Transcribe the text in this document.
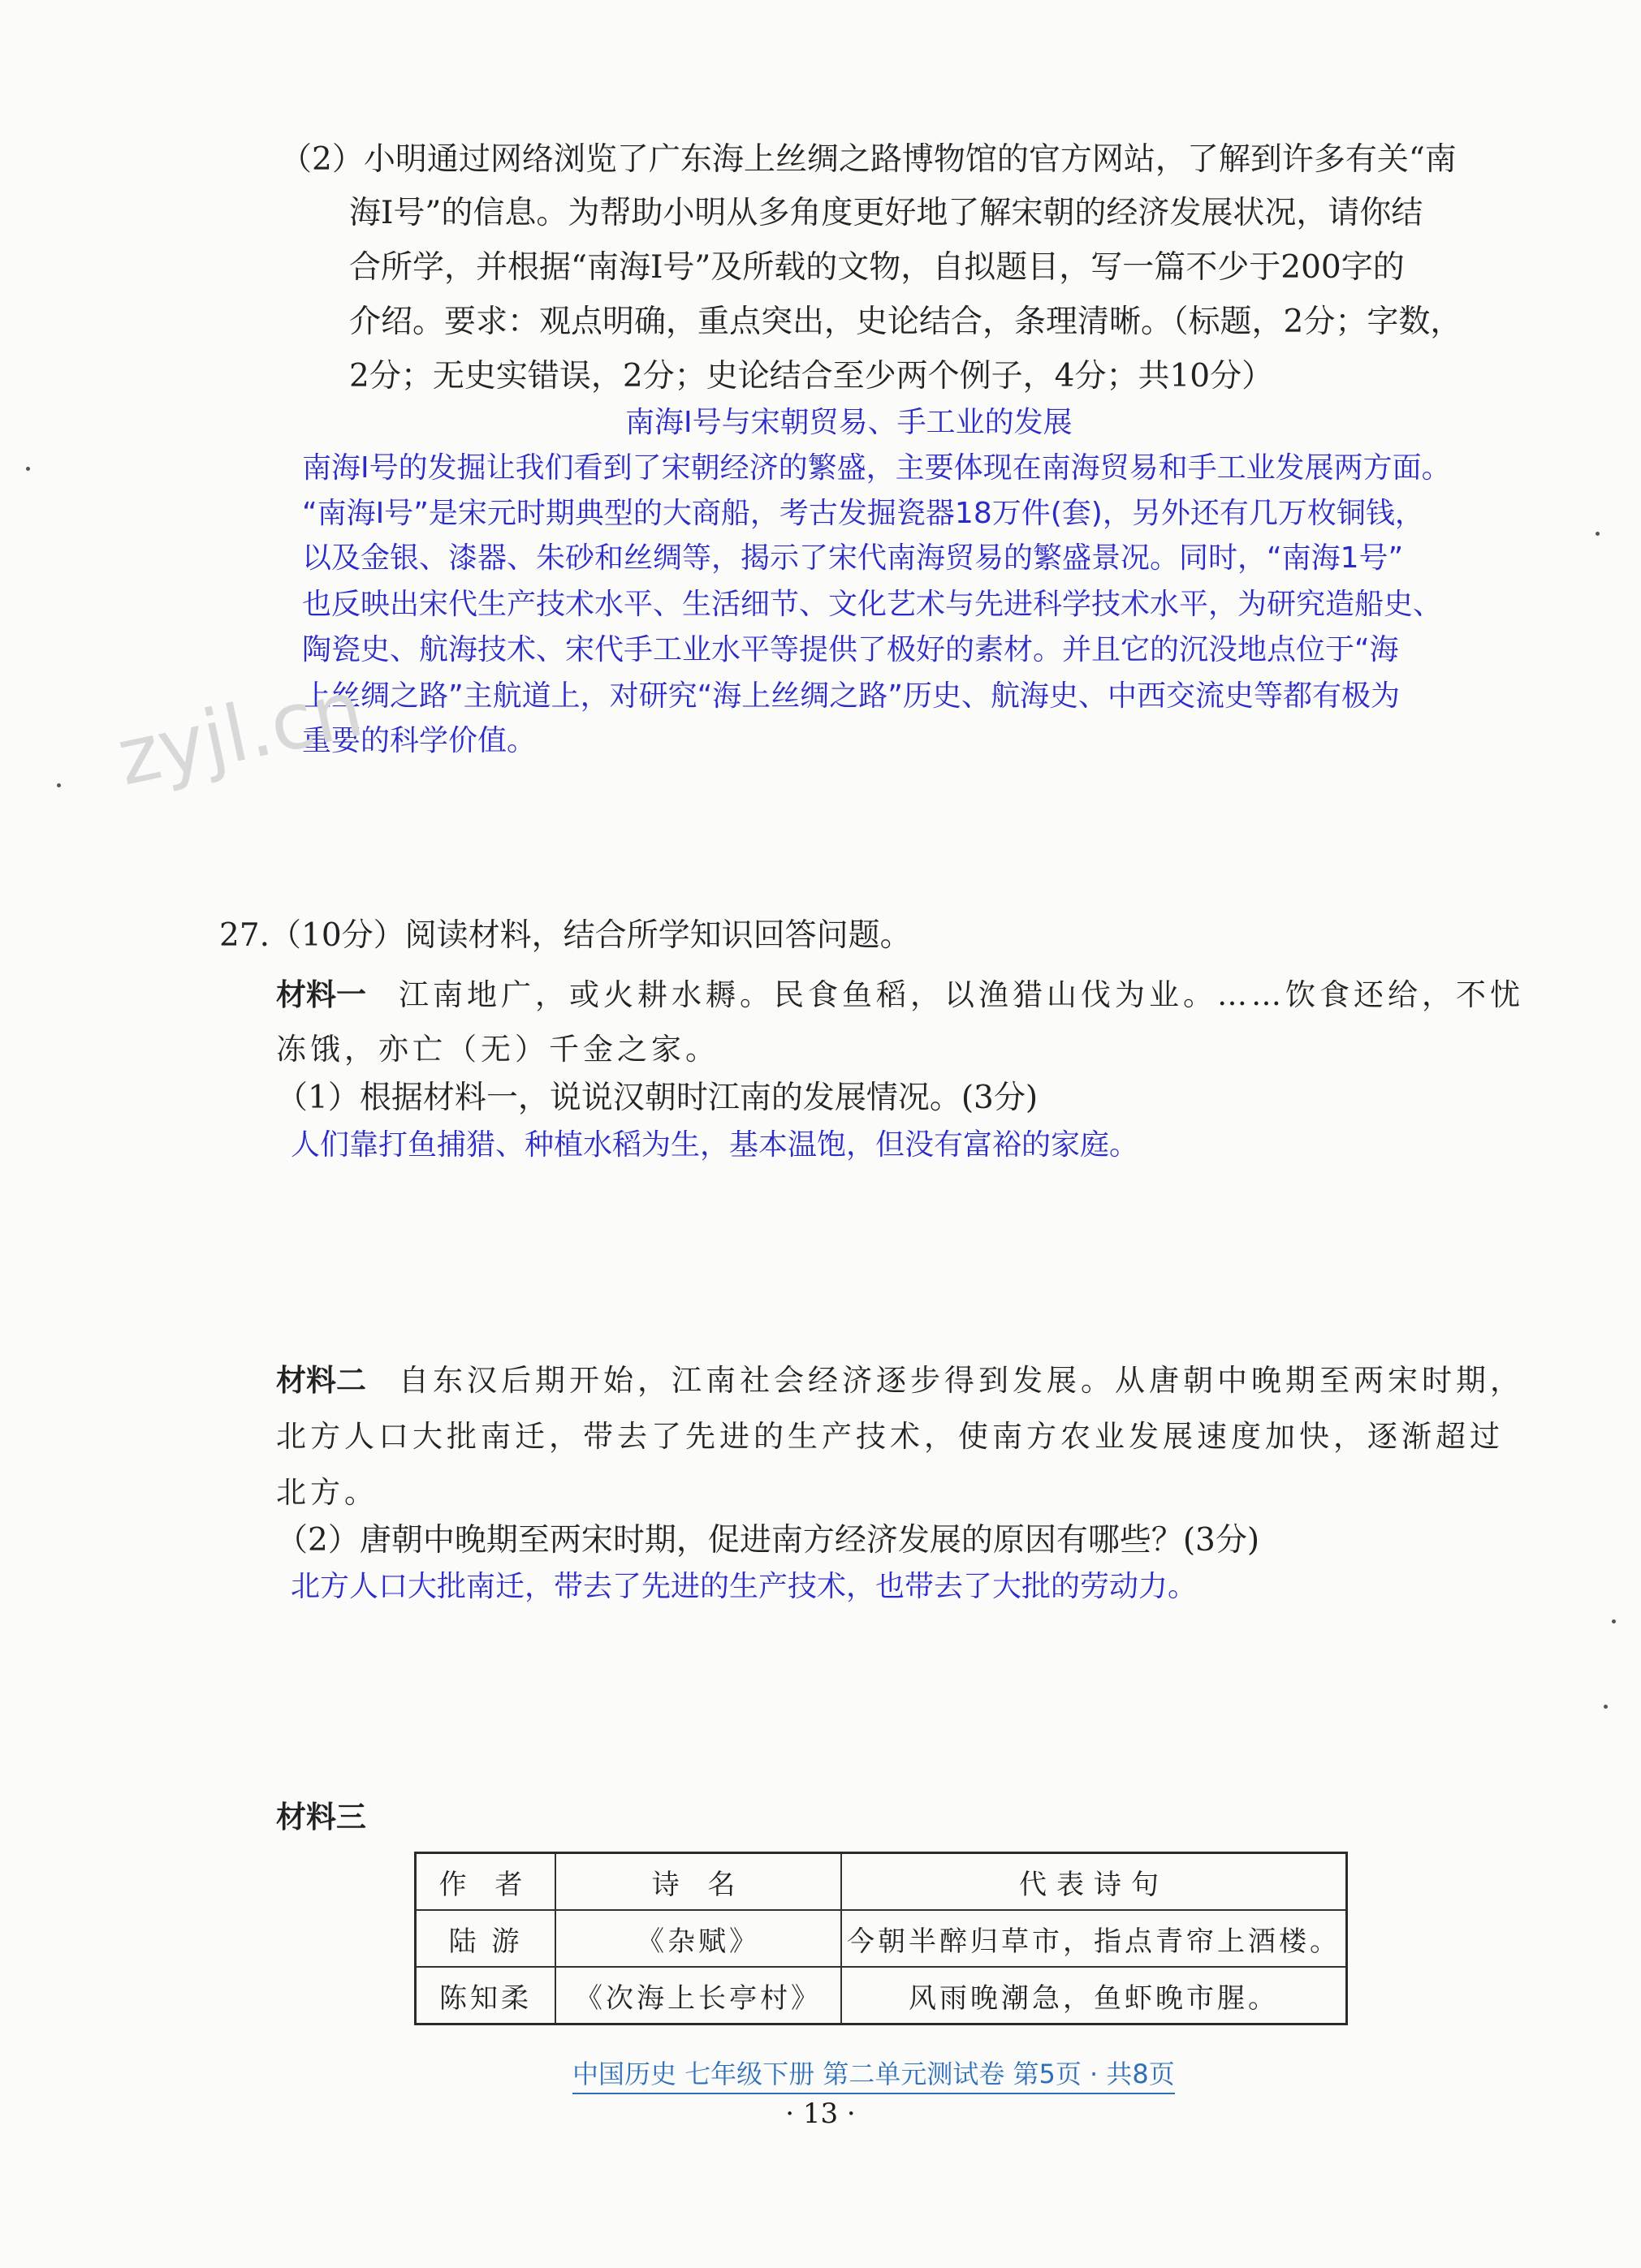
（2）小明通过网络浏览了广东海上丝绸之路博物馆的官方网站，了解到许多有关“南
海Ⅰ号”的信息。为帮助小明从多角度更好地了解宋朝的经济发展状况，请你结
合所学，并根据“南海Ⅰ号”及所载的文物，自拟题目，写一篇不少于200字的
介绍。要求：观点明确，重点突出，史论结合，条理清晰。（标题，2分；字数，
2分；无史实错误，2分；史论结合至少两个例子，4分；共10分）
南海I号与宋朝贸易、手工业的发展
南海I号的发掘让我们看到了宋朝经济的繁盛，主要体现在南海贸易和手工业发展两方面。
“南海I号”是宋元时期典型的大商船，考古发掘瓷器18万件(套)，另外还有几万枚铜钱，
以及金银、漆器、朱砂和丝绸等，揭示了宋代南海贸易的繁盛景况。同时，“南海1号”
也反映出宋代生产技术水平、生活细节、文化艺术与先进科学技术水平，为研究造船史、
陶瓷史、航海技术、宋代手工业水平等提供了极好的素材。并且它的沉没地点位于“海
上丝绸之路”主航道上，对研究“海上丝绸之路”历史、航海史、中西交流史等都有极为
重要的科学价值。
zyjl.cn
27.（10分）阅读材料，结合所学知识回答问题。
材料一 江南地广，或火耕水耨。民食鱼稻，以渔猎山伐为业。……饮食还给，不忧
冻饿，亦亡（无）千金之家。
（1）根据材料一，说说汉朝时江南的发展情况。(3分)
人们靠打鱼捕猎、种植水稻为生，基本温饱，但没有富裕的家庭。
材料二 自东汉后期开始，江南社会经济逐步得到发展。从唐朝中晚期至两宋时期，
北方人口大批南迁，带去了先进的生产技术，使南方农业发展速度加快，逐渐超过
北方。
（2）唐朝中晚期至两宋时期，促进南方经济发展的原因有哪些？(3分)
北方人口大批南迁，带去了先进的生产技术，也带去了大批的劳动力。
材料三
作 者	诗 名	代表诗句
陆 游	《杂赋》	今朝半醉归草市，指点青帘上酒楼。
陈知柔	《次海上长亭村》	风雨晚潮急，鱼虾晚市腥。
中国历史 七年级下册 第二单元测试卷 第5页 · 共8页
· 13 ·
